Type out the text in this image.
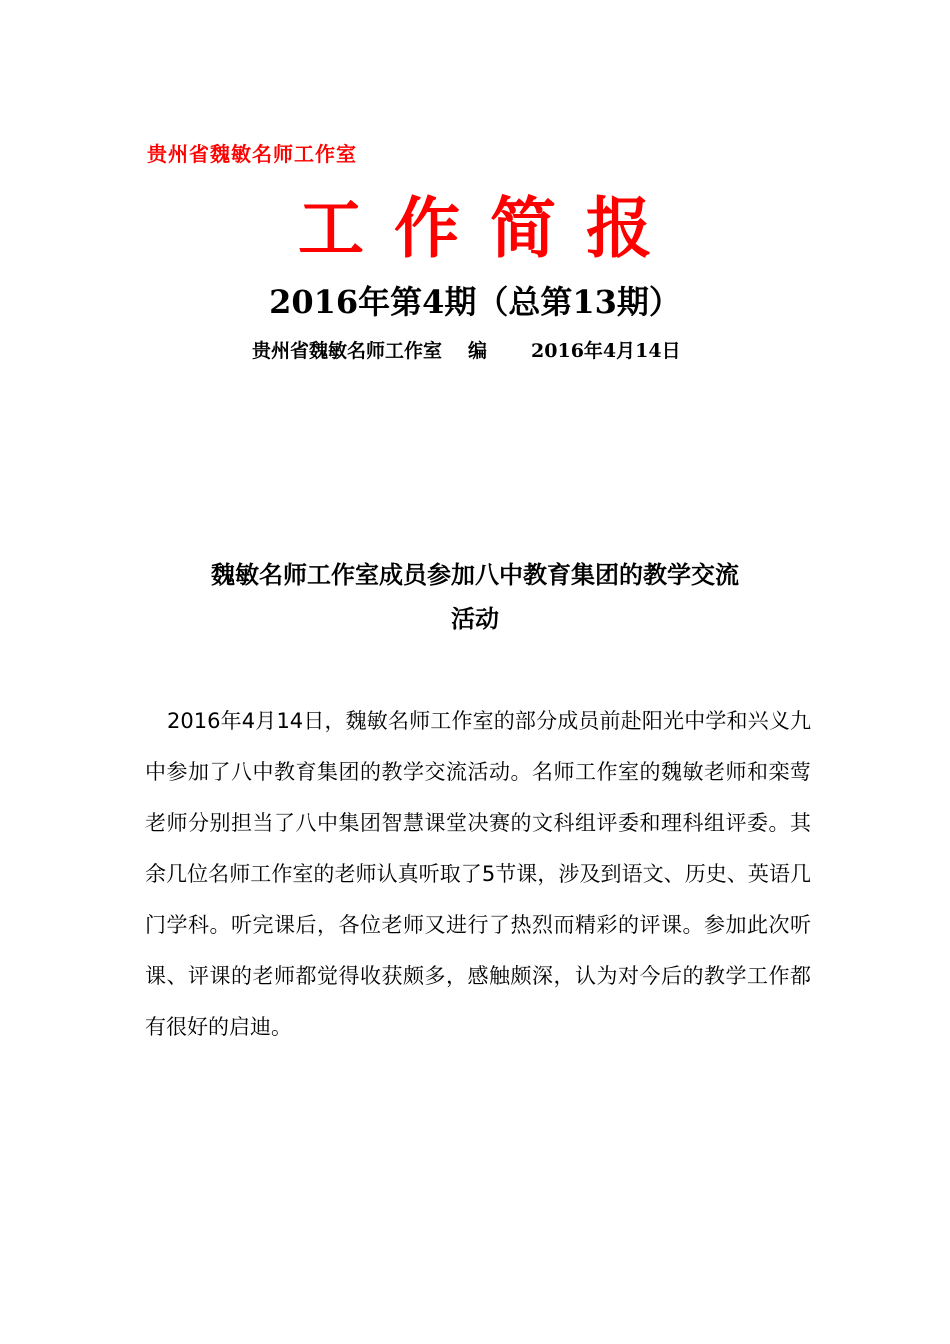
贵州省魏敏名师工作室
工作简报
2016年第4期（总第13期）
贵州省魏敏名师工作室 编 2016年4月14日
魏敏名师工作室成员参加八中教育集团的教学交流
活动
2016年4月14日，魏敏名师工作室的部分成员前赴阳光中学和兴义九中参加了八中教育集团的教学交流活动。名师工作室的魏敏老师和栾莺老师分别担当了八中集团智慧课堂决赛的文科组评委和理科组评委。其余几位名师工作室的老师认真听取了5节课，涉及到语文、历史、英语几门学科。听完课后，各位老师又进行了热烈而精彩的评课。参加此次听课、评课的老师都觉得收获颇多，感触颇深，认为对今后的教学工作都有很好的启迪。
